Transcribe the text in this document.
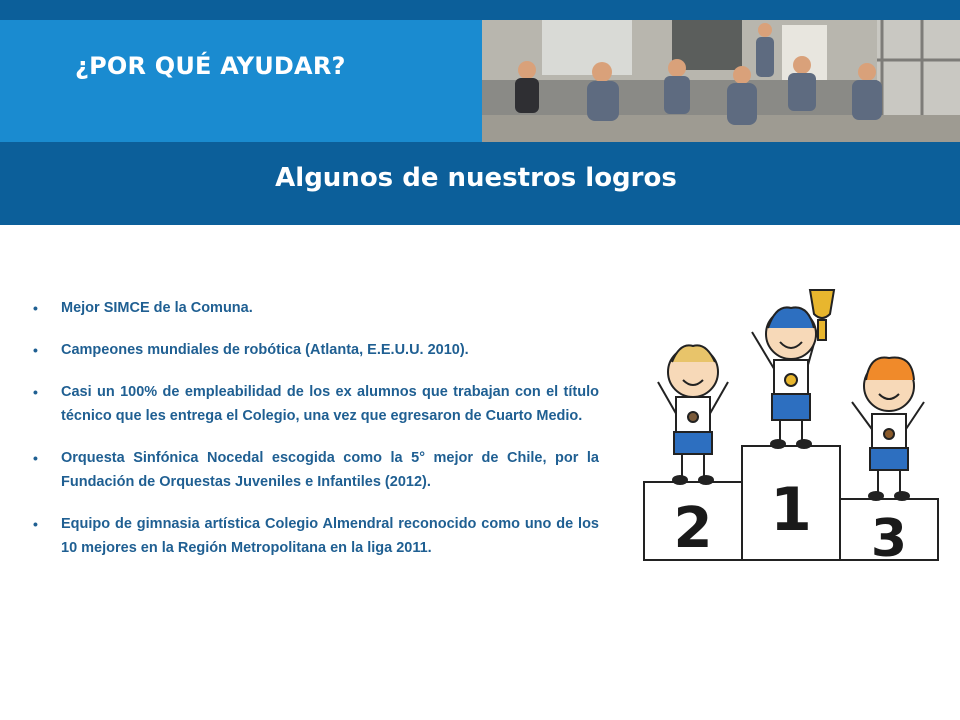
¿POR QUÉ AYUDAR?
Algunos de nuestros logros
• Mejor SIMCE de la Comuna.
• Campeones mundiales de robótica (Atlanta, E.E.U.U. 2010).
• Casi un 100% de empleabilidad de los ex alumnos que trabajan con el título técnico que les entrega el Colegio, una vez que egresaron de Cuarto Medio.
• Orquesta Sinfónica Nocedal escogida como la 5° mejor de Chile, por la Fundación de Orquestas Juveniles e Infantiles (2012).
• Equipo de gimnasia artística Colegio Almendral reconocido como uno de los 10 mejores en la Región Metropolitana en la liga 2011.	2 1 3
